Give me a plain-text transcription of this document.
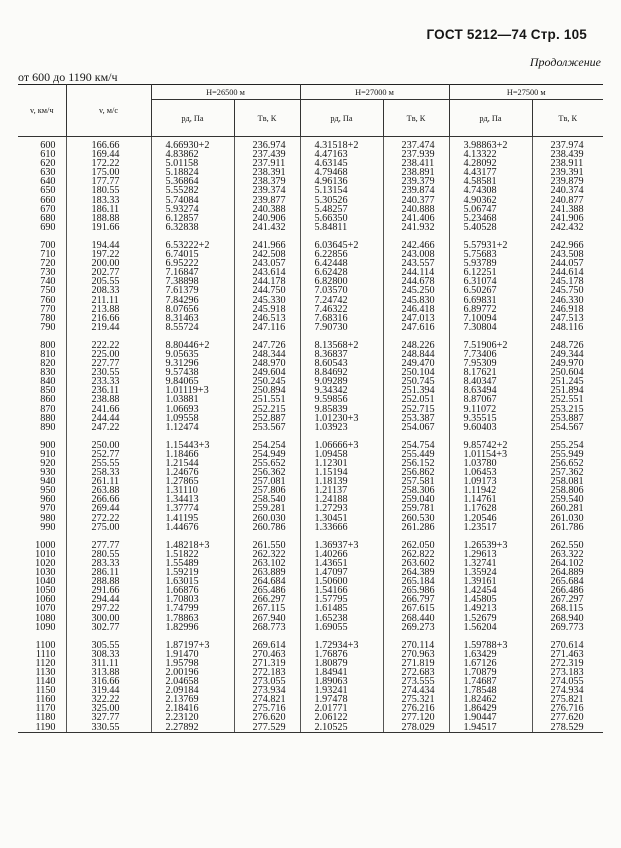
ГОСТ 5212—74 Стр. 105
Продолжение
от 600 до 1190 км/ч
v, км/ч	v, м/с	H=26500 м		H=27000 м		H=27500 м	
		pд, Па	Tв, К	pд, Па	Tв, К	pд, Па	Tв, К
600	166.66	4.66930+2	236.974	4.31518+2	237.474	3.98863+2	237.974
610	169.44	4.83862	237.439	4.47163	237.939	4.13322	238.439
620	172.22	5.01158	237.911	4.63145	238.411	4.28092	238.911
630	175.00	5.18824	238.391	4.79468	238.891	4.43177	239.391
640	177.77	5.36864	238.379	4.96136	239.379	4.58581	239.879
650	180.55	5.55282	239.374	5.13154	239.874	4.74308	240.374
660	183.33	5.74084	239.877	5.30526	240.377	4.90362	240.877
670	186.11	5.93274	240.388	5.48257	240.888	5.06747	241.388
680	188.88	6.12857	240.906	5.66350	241.406	5.23468	241.906
690	191.66	6.32838	241.432	5.84811	241.932	5.40528	242.432
700	194.44	6.53222+2	241.966	6.03645+2	242.466	5.57931+2	242.966
710	197.22	6.74015	242.508	6.22856	243.008	5.75683	243.508
720	200.00	6.95222	243.057	6.42448	243.557	5.93789	244.057
730	202.77	7.16847	243.614	6.62428	244.114	6.12251	244.614
740	205.55	7.38898	244.178	6.82800	244.678	6.31074	245.178
750	208.33	7.61379	244.750	7.03570	245.250	6.50267	245.750
760	211.11	7.84296	245.330	7.24742	245.830	6.69831	246.330
770	213.88	8.07656	245.918	7.46322	246.418	6.89772	246.918
780	216.66	8.31463	246.513	7.68316	247.013	7.10094	247.513
790	219.44	8.55724	247.116	7.90730	247.616	7.30804	248.116
800	222.22	8.80446+2	247.726	8.13568+2	248.226	7.51906+2	248.726
810	225.00	9.05635	248.344	8.36837	248.844	7.73406	249.344
820	227.77	9.31296	248.970	8.60543	249.470	7.95309	249.970
830	230.55	9.57438	249.604	8.84692	250.104	8.17621	250.604
840	233.33	9.84065	250.245	9.09289	250.745	8.40347	251.245
850	236.11	1.01119+3	250.894	9.34342	251.394	8.63494	251.894
860	238.88	1.03881	251.551	9.59856	252.051	8.87067	252.551
870	241.66	1.06693	252.215	9.85839	252.715	9.11072	253.215
880	244.44	1.09558	252.887	1.01230+3	253.387	9.35515	253.887
890	247.22	1.12474	253.567	1.03923	254.067	9.60403	254.567
900	250.00	1.15443+3	254.254	1.06666+3	254.754	9.85742+2	255.254
910	252.77	1.18466	254.949	1.09458	255.449	1.01154+3	255.949
920	255.55	1.21544	255.652	1.12301	256.152	1.03780	256.652
930	258.33	1.24676	256.362	1.15194	256.862	1.06453	257.362
940	261.11	1.27865	257.081	1.18139	257.581	1.09173	258.081
950	263.88	1.31110	257.806	1.21137	258.306	1.11942	258.806
960	266.66	1.34413	258.540	1.24188	259.040	1.14761	259.540
970	269.44	1.37774	259.281	1.27293	259.781	1.17628	260.281
980	272.22	1.41195	260.030	1.30451	260.530	1.20546	261.030
990	275.00	1.44676	260.786	1.33666	261.286	1.23517	261.786
1000	277.77	1.48218+3	261.550	1.36937+3	262.050	1.26539+3	262.550
1010	280.55	1.51822	262.322	1.40266	262.822	1.29613	263.322
1020	283.33	1.55489	263.102	1.43651	263.602	1.32741	264.102
1030	286.11	1.59219	263.889	1.47097	264.389	1.35924	264.889
1040	288.88	1.63015	264.684	1.50600	265.184	1.39161	265.684
1050	291.66	1.66876	265.486	1.54166	265.986	1.42454	266.486
1060	294.44	1.70803	266.297	1.57795	266.797	1.45805	267.297
1070	297.22	1.74799	267.115	1.61485	267.615	1.49213	268.115
1080	300.00	1.78863	267.940	1.65238	268.440	1.52679	268.940
1090	302.77	1.82996	268.773	1.69055	269.273	1.56204	269.773
1100	305.55	1.87197+3	269.614	1.72934+3	270.114	1.59788+3	270.614
1110	308.33	1.91470	270.463	1.76876	270.963	1.63429	271.463
1120	311.11	1.95798	271.319	1.80879	271.819	1.67126	272.319
1130	313.88	2.00196	272.183	1.84941	272.683	1.70879	273.183
1140	316.66	2.04658	273.055	1.89063	273.555	1.74687	274.055
1150	319.44	2.09184	273.934	1.93241	274.434	1.78548	274.934
1160	322.22	2.13769	274.821	1.97478	275.321	1.82462	275.821
1170	325.00	2.18416	275.716	2.01771	276.216	1.86429	276.716
1180	327.77	2.23120	276.620	2.06122	277.120	1.90447	277.620
1190	330.55	2.27892	277.529	2.10525	278.029	1.94517	278.529
